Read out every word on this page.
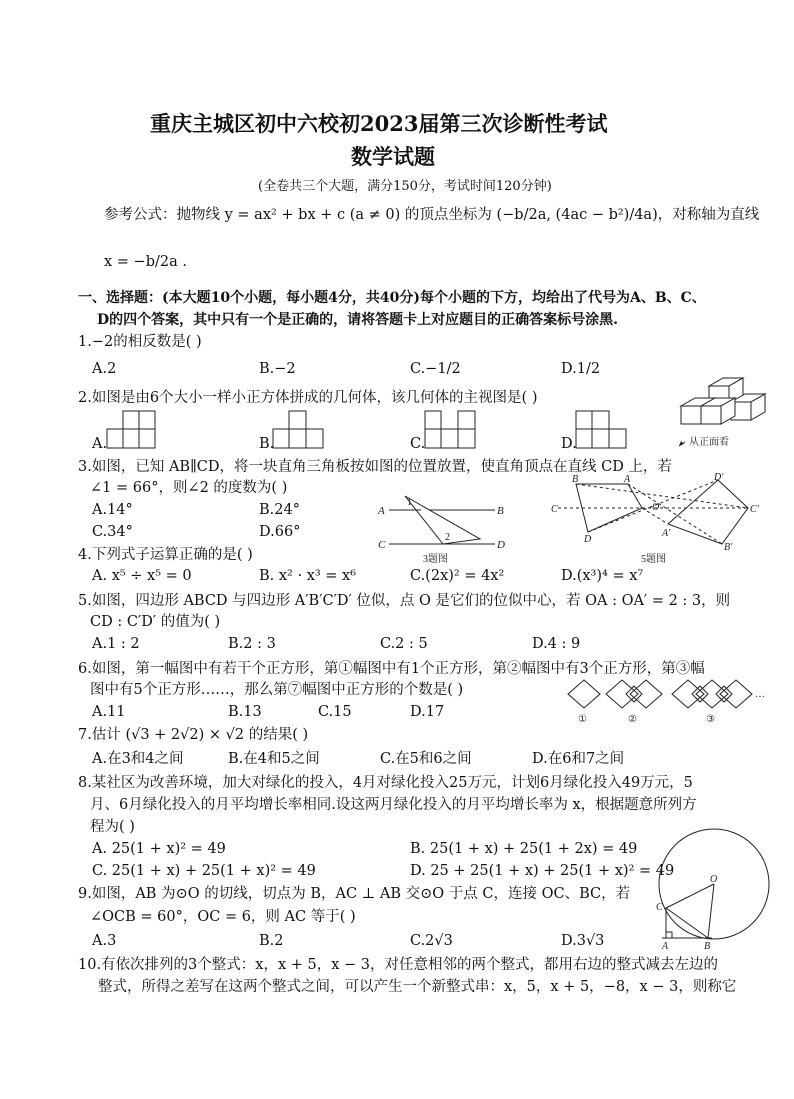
重庆主城区初中六校初2023届第三次诊断性考试
数学试题
(全卷共三个大题，满分150分，考试时间120分钟)
参考公式：抛物线 y = ax² + bx + c (a ≠ 0) 的顶点坐标为 (−b/2a, (4ac − b²)/4a)，对称轴为直线
x = −b/2a .
一、选择题：(本大题10个小题，每小题4分，共40分)每个小题的下方，均给出了代号为A、B、C、
D的四个答案，其中只有一个是正确的，请将答题卡上对应题目的正确答案标号涂黑.
1.−2的相反数是( )
A.2	B.−2	C.−1/2	D.1/2
2.如图是由6个大小一样小正方体拼成的几何体，该几何体的主视图是( )
A.	B.	C.	D.	从正面看
3.如图，已知 AB∥CD，将一块直角三角板按如图的位置放置，使直角顶点在直线 CD 上，若
∠1 = 66°，则∠2 的度数为( )
A.14°	B.24°
C.34°	D.66°
A	B
C	D
1
2
3题图
B	A
C
D
O
D′
C′
B′
A′
5题图
4.下列式子运算正确的是( )
A. x⁵ ÷ x⁵ = 0	B. x² · x³ = x⁶	C.(2x)² = 4x²	D.(x³)⁴ = x⁷
5.如图，四边形 ABCD 与四边形 A′B′C′D′ 位似，点 O 是它们的位似中心，若 OA : OA′ = 2 : 3，则
CD : C′D′ 的值为( )
A.1 : 2	B.2 : 3	C.2 : 5	D.4 : 9
6.如图，第一幅图中有若干个正方形，第①幅图中有1个正方形，第②幅图中有3个正方形，第③幅
图中有5个正方形……，那么第⑦幅图中正方形的个数是( )
A.11	B.13	C.15	D.17
…
①	②	③
7.估计 (√3 + 2√2) × √2 的结果( )
A.在3和4之间	B.在4和5之间	C.在5和6之间	D.在6和7之间
8.某社区为改善环境，加大对绿化的投入，4月对绿化投入25万元，计划6月绿化投入49万元，5
月、6月绿化投入的月平均增长率相同.设这两月绿化投入的月平均增长率为 x，根据题意所列方
程为( )
A. 25(1 + x)² = 49	B. 25(1 + x) + 25(1 + 2x) = 49
C. 25(1 + x) + 25(1 + x)² = 49	D. 25 + 25(1 + x) + 25(1 + x)² = 49
O
C
A	B
9.如图，AB 为⊙O 的切线，切点为 B，AC ⊥ AB 交⊙O 于点 C，连接 OC、BC，若
∠OCB = 60°，OC = 6，则 AC 等于( )
A.3	B.2	C.2√3	D.3√3
10.有依次排列的3个整式：x，x + 5，x − 3，对任意相邻的两个整式，都用右边的整式减去左边的
整式，所得之差写在这两个整式之间，可以产生一个新整式串：x，5，x + 5，−8，x − 3，则称它
